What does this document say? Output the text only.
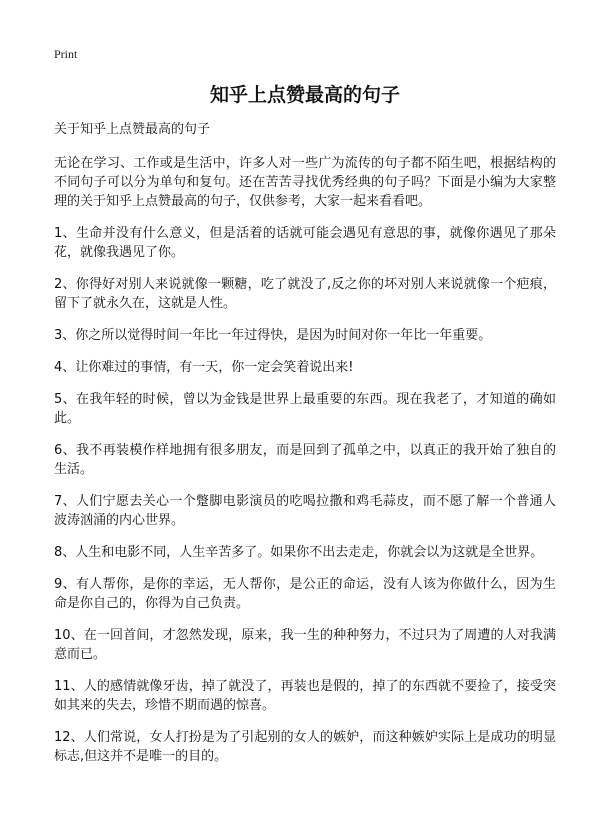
Print

知乎上点赞最高的句子

关于知乎上点赞最高的句子

无论在学习、工作或是生活中，许多人对一些广为流传的句子都不陌生吧，根据结构的不同句子可以分为单句和复句。还在苦苦寻找优秀经典的句子吗？下面是小编为大家整理的关于知乎上点赞最高的句子，仅供参考，大家一起来看看吧。

1、生命并没有什么意义，但是活着的话就可能会遇见有意思的事，就像你遇见了那朵花，就像我遇见了你。

2、你得好对别人来说就像一颗糖，吃了就没了,反之你的坏对别人来说就像一个疤痕，留下了就永久在，这就是人性。

3、你之所以觉得时间一年比一年过得快，是因为时间对你一年比一年重要。

4、让你难过的事情，有一天，你一定会笑着说出来!

5、在我年轻的时候，曾以为金钱是世界上最重要的东西。现在我老了，才知道的确如此。

6、我不再装模作样地拥有很多朋友，而是回到了孤单之中，以真正的我开始了独自的生活。

7、人们宁愿去关心一个蹩脚电影演员的吃喝拉撒和鸡毛蒜皮，而不愿了解一个普通人波涛汹涌的内心世界。

8、人生和电影不同，人生辛苦多了。如果你不出去走走，你就会以为这就是全世界。

9、有人帮你，是你的幸运，无人帮你，是公正的命运，没有人该为你做什么，因为生命是你自己的，你得为自己负责。

10、在一回首间，才忽然发现，原来，我一生的种种努力，不过只为了周遭的人对我满意而已。

11、人的感情就像牙齿，掉了就没了，再装也是假的，掉了的东西就不要捡了，接受突如其来的失去，珍惜不期而遇的惊喜。

12、人们常说，女人打扮是为了引起别的女人的嫉妒，而这种嫉妒实际上是成功的明显标志,但这并不是唯一的目的。
